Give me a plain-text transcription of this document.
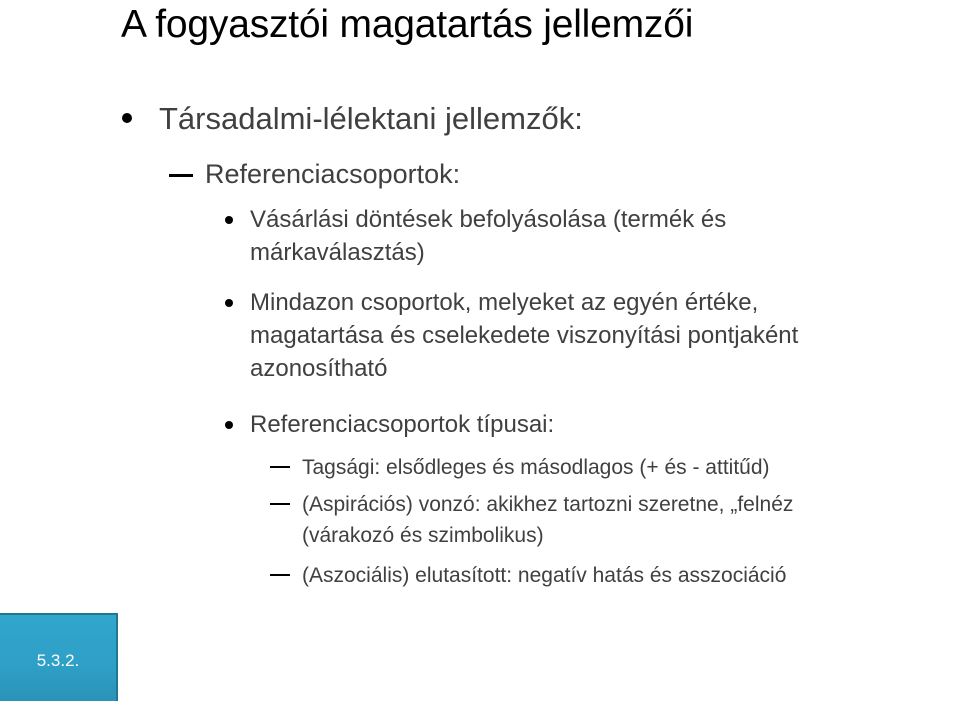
A fogyasztói magatartás jellemzői
Társadalmi-lélektani jellemzők:
Referenciacsoportok:
Vásárlási döntések befolyásolása (termék és
márkaválasztás)
Mindazon csoportok, melyeket az egyén értéke,
magatartása és cselekedete viszonyítási pontjaként
azonosítható
Referenciacsoportok típusai:
Tagsági: elsődleges és másodlagos (+ és - attitűd)
(Aspirációs) vonzó: akikhez tartozni szeretne, „felnéz
(várakozó és szimbolikus)
(Aszociális) elutasított: negatív hatás és asszociáció
5.3.2.
